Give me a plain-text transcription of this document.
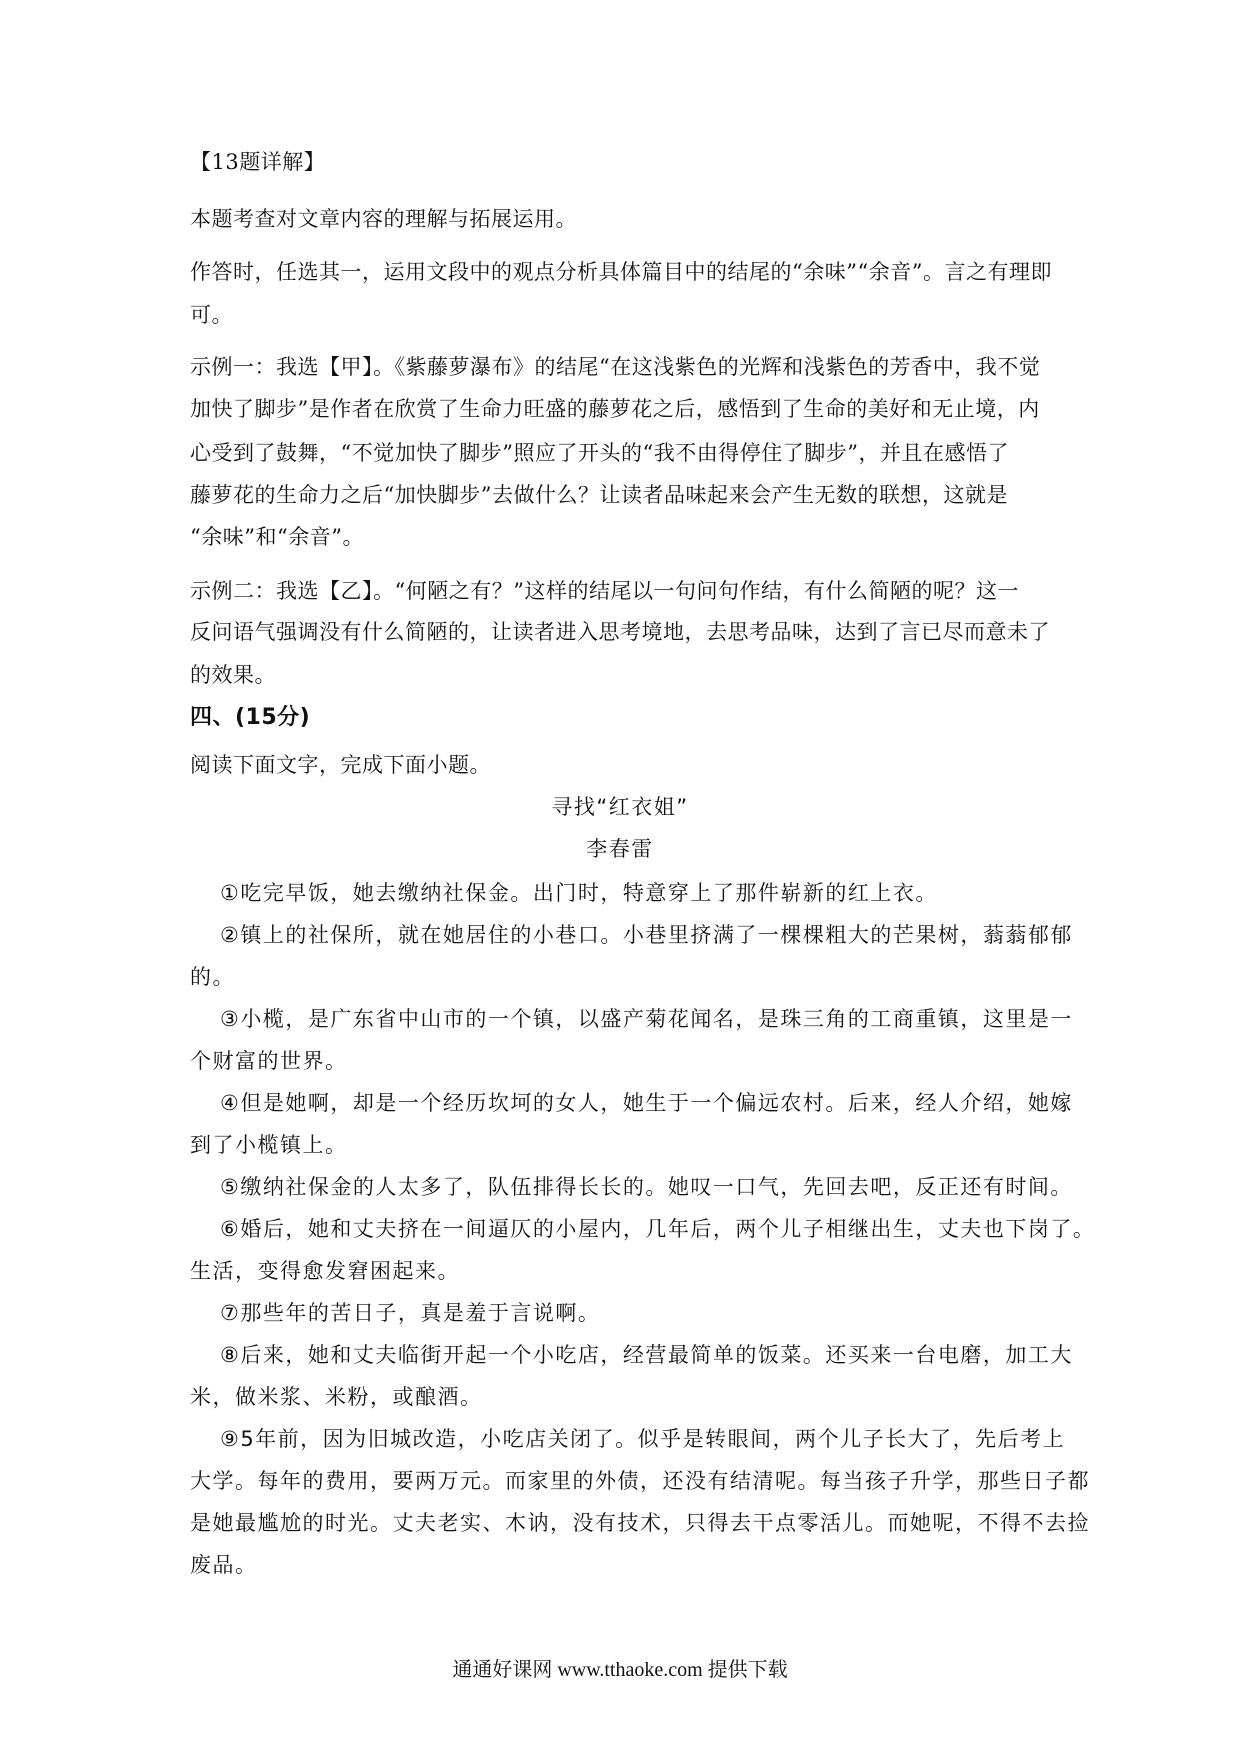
【13题详解】
本题考查对文章内容的理解与拓展运用。
作答时，任选其一，运用文段中的观点分析具体篇目中的结尾的“余味”“余音”。言之有理即
可。
示例一：我选【甲】。《紫藤萝瀑布》的结尾“在这浅紫色的光辉和浅紫色的芳香中，我不觉
加快了脚步”是作者在欣赏了生命力旺盛的藤萝花之后，感悟到了生命的美好和无止境，内
心受到了鼓舞，“不觉加快了脚步”照应了开头的“我不由得停住了脚步”，并且在感悟了
藤萝花的生命力之后“加快脚步”去做什么？让读者品味起来会产生无数的联想，这就是
“余味”和“余音”。
示例二：我选【乙】。“何陋之有？”这样的结尾以一句问句作结，有什么简陋的呢？这一
反问语气强调没有什么简陋的，让读者进入思考境地，去思考品味，达到了言已尽而意未了
的效果。
四、(15分)
阅读下面文字，完成下面小题。
寻找“红衣姐”
李春雷
①吃完早饭，她去缴纳社保金。出门时，特意穿上了那件崭新的红上衣。
②镇上的社保所，就在她居住的小巷口。小巷里挤满了一棵棵粗大的芒果树，蓊蓊郁郁
的。
③小榄，是广东省中山市的一个镇，以盛产菊花闻名，是珠三角的工商重镇，这里是一
个财富的世界。
④但是她啊，却是一个经历坎坷的女人，她生于一个偏远农村。后来，经人介绍，她嫁
到了小榄镇上。
⑤缴纳社保金的人太多了，队伍排得长长的。她叹一口气，先回去吧，反正还有时间。
⑥婚后，她和丈夫挤在一间逼仄的小屋内，几年后，两个儿子相继出生，丈夫也下岗了。
生活，变得愈发窘困起来。
⑦那些年的苦日子，真是羞于言说啊。
⑧后来，她和丈夫临街开起一个小吃店，经营最简单的饭菜。还买来一台电磨，加工大
米，做米浆、米粉，或酿酒。
⑨5年前，因为旧城改造，小吃店关闭了。似乎是转眼间，两个儿子长大了，先后考上
大学。每年的费用，要两万元。而家里的外债，还没有结清呢。每当孩子升学，那些日子都
是她最尴尬的时光。丈夫老实、木讷，没有技术，只得去干点零活儿。而她呢，不得不去捡
废品。
通通好课网 www.tthaoke.com 提供下载
